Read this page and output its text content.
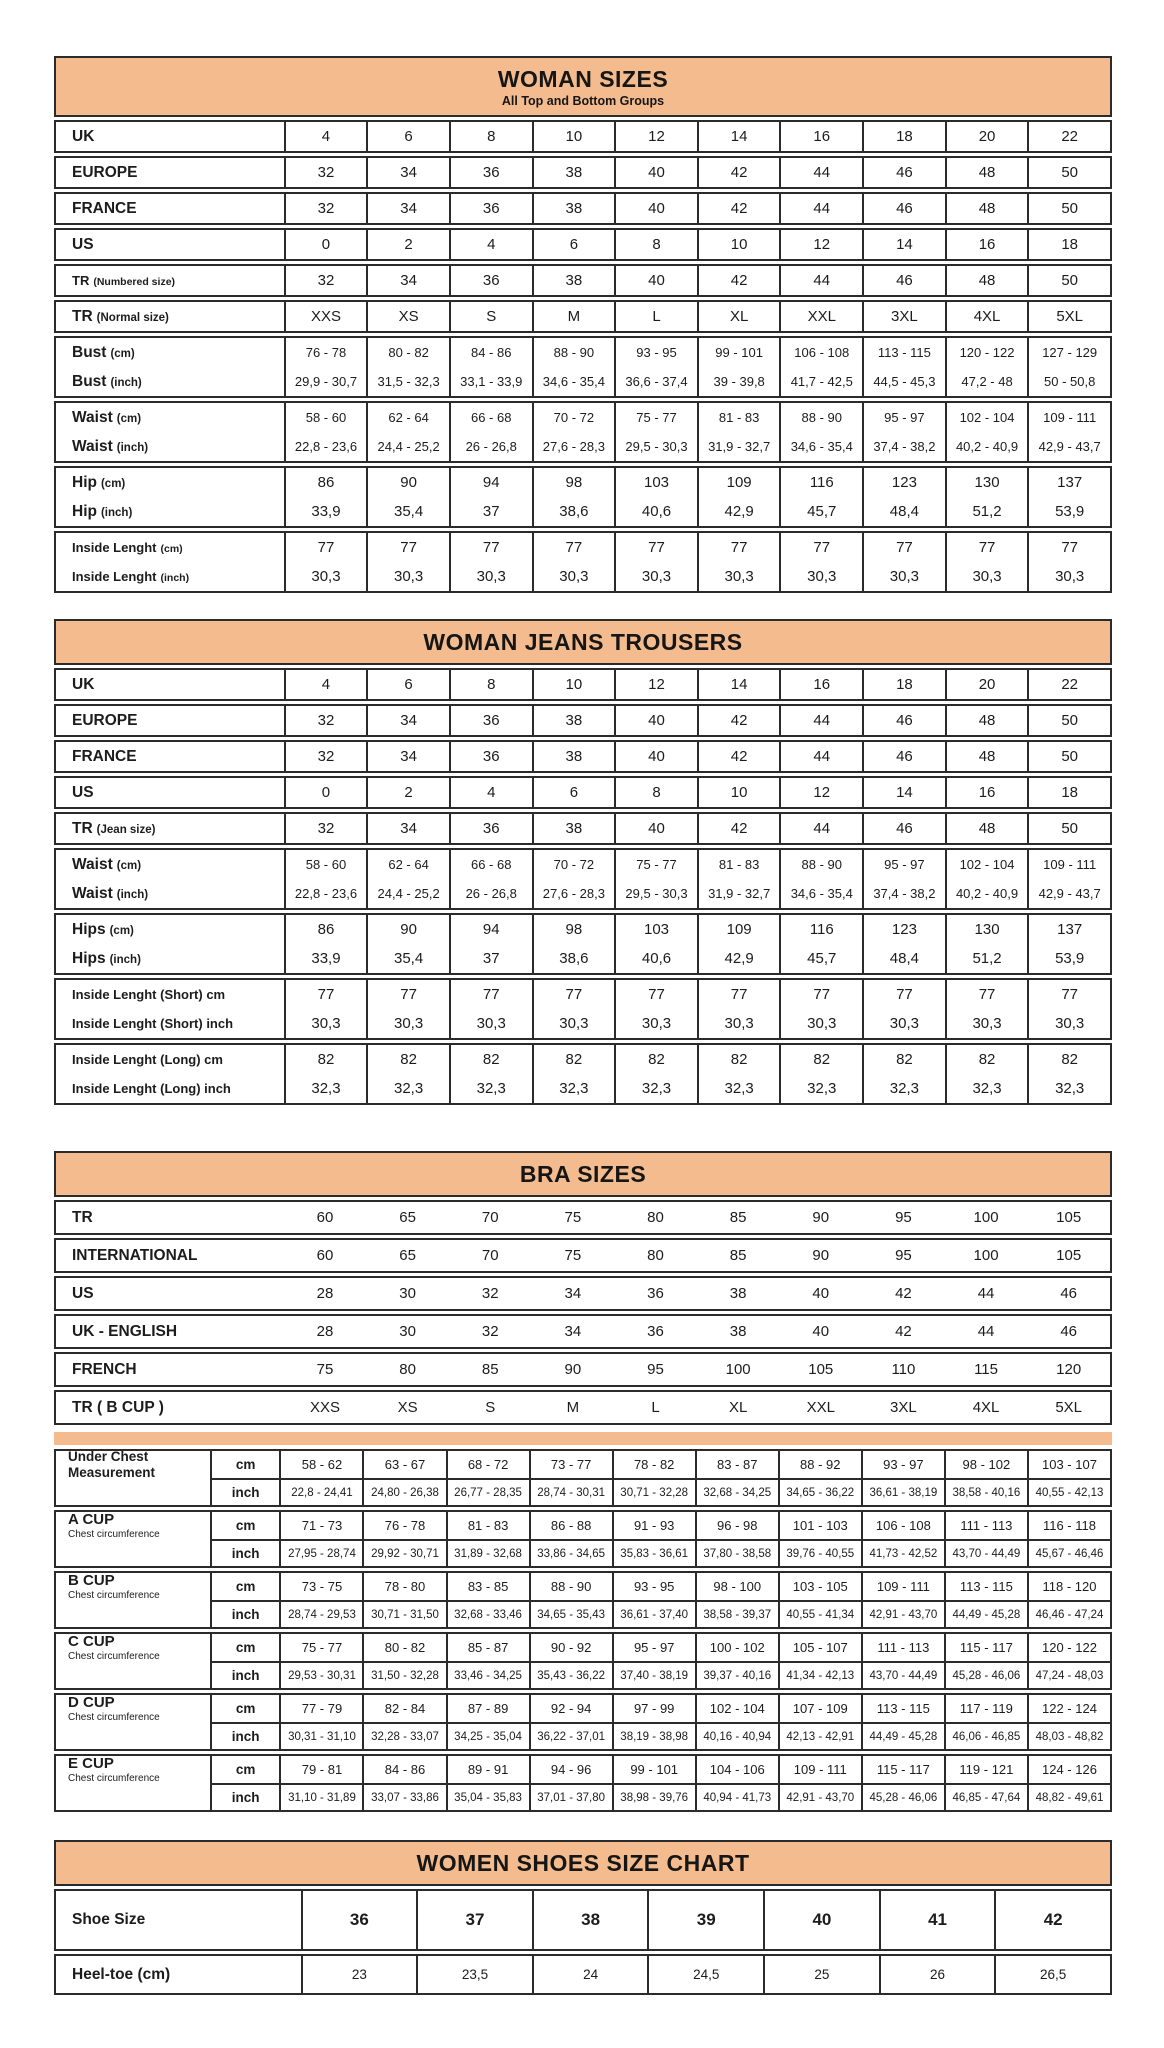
WOMAN SIZES
All Top and Bottom Groups
UK	4	6	8	10	12	14	16	18	20	22
EUROPE	32	34	36	38	40	42	44	46	48	50
FRANCE	32	34	36	38	40	42	44	46	48	50
US	0	2	4	6	8	10	12	14	16	18
TR (Numbered size)	32	34	36	38	40	42	44	46	48	50
TR (Normal size)	XXS	XS	S	M	L	XL	XXL	3XL	4XL	5XL
Bust (cm)	76 - 78	80 - 82	84 - 86	88 - 90	93 - 95	99 - 101	106 - 108	113 - 115	120 - 122	127 - 129
Bust (inch)	29,9 - 30,7	31,5 - 32,3	33,1 - 33,9	34,6 - 35,4	36,6 - 37,4	39 - 39,8	41,7 - 42,5	44,5 - 45,3	47,2 - 48	50 - 50,8
Waist (cm)	58 - 60	62 - 64	66 - 68	70 - 72	75 - 77	81 - 83	88 - 90	95 - 97	102 - 104	109 - 111
Waist (inch)	22,8 - 23,6	24,4 - 25,2	26 - 26,8	27,6 - 28,3	29,5 - 30,3	31,9 - 32,7	34,6 - 35,4	37,4 - 38,2	40,2 - 40,9	42,9 - 43,7
Hip (cm)	86	90	94	98	103	109	116	123	130	137
Hip (inch)	33,9	35,4	37	38,6	40,6	42,9	45,7	48,4	51,2	53,9
Inside Lenght (cm)	77	77	77	77	77	77	77	77	77	77
Inside Lenght (inch)	30,3	30,3	30,3	30,3	30,3	30,3	30,3	30,3	30,3	30,3
WOMAN JEANS TROUSERS
UK	4	6	8	10	12	14	16	18	20	22
EUROPE	32	34	36	38	40	42	44	46	48	50
FRANCE	32	34	36	38	40	42	44	46	48	50
US	0	2	4	6	8	10	12	14	16	18
TR (Jean size)	32	34	36	38	40	42	44	46	48	50
Waist (cm)	58 - 60	62 - 64	66 - 68	70 - 72	75 - 77	81 - 83	88 - 90	95 - 97	102 - 104	109 - 111
Waist (inch)	22,8 - 23,6	24,4 - 25,2	26 - 26,8	27,6 - 28,3	29,5 - 30,3	31,9 - 32,7	34,6 - 35,4	37,4 - 38,2	40,2 - 40,9	42,9 - 43,7
Hips (cm)	86	90	94	98	103	109	116	123	130	137
Hips (inch)	33,9	35,4	37	38,6	40,6	42,9	45,7	48,4	51,2	53,9
Inside Lenght (Short) cm	77	77	77	77	77	77	77	77	77	77
Inside Lenght (Short) inch	30,3	30,3	30,3	30,3	30,3	30,3	30,3	30,3	30,3	30,3
Inside Lenght (Long) cm	82	82	82	82	82	82	82	82	82	82
Inside Lenght (Long) inch	32,3	32,3	32,3	32,3	32,3	32,3	32,3	32,3	32,3	32,3
BRA SIZES
TR	60	65	70	75	80	85	90	95	100	105
INTERNATIONAL	60	65	70	75	80	85	90	95	100	105
US	28	30	32	34	36	38	40	42	44	46
UK - ENGLISH	28	30	32	34	36	38	40	42	44	46
FRENCH	75	80	85	90	95	100	105	110	115	120
TR ( B CUP )	XXS	XS	S	M	L	XL	XXL	3XL	4XL	5XL
Under Chest Measurement	cm	58 - 62	63 - 67	68 - 72	73 - 77	78 - 82	83 - 87	88 - 92	93 - 97	98 - 102	103 - 107
inch	22,8 - 24,41	24,80 - 26,38	26,77 - 28,35	28,74 - 30,31	30,71 - 32,28	32,68 - 34,25	34,65 - 36,22	36,61 - 38,19	38,58 - 40,16	40,55 - 42,13
A CUP
Chest circumference
cm	71 - 73	76 - 78	81 - 83	86 - 88	91 - 93	96 - 98	101 - 103	106 - 108	111 - 113	116 - 118
inch	27,95 - 28,74	29,92 - 30,71	31,89 - 32,68	33,86 - 34,65	35,83 - 36,61	37,80 - 38,58	39,76 - 40,55	41,73 - 42,52	43,70 - 44,49	45,67 - 46,46
B CUP
Chest circumference
cm	73 - 75	78 - 80	83 - 85	88 - 90	93 - 95	98 - 100	103 - 105	109 - 111	113 - 115	118 - 120
inch	28,74 - 29,53	30,71 - 31,50	32,68 - 33,46	34,65 - 35,43	36,61 - 37,40	38,58 - 39,37	40,55 - 41,34	42,91 - 43,70	44,49 - 45,28	46,46 - 47,24
C CUP
Chest circumference
cm	75 - 77	80 - 82	85 - 87	90 - 92	95 - 97	100 - 102	105 - 107	111 - 113	115 - 117	120 - 122
inch	29,53 - 30,31	31,50 - 32,28	33,46 - 34,25	35,43 - 36,22	37,40 - 38,19	39,37 - 40,16	41,34 - 42,13	43,70 - 44,49	45,28 - 46,06	47,24 - 48,03
D CUP
Chest circumference
cm	77 - 79	82 - 84	87 - 89	92 - 94	97 - 99	102 - 104	107 - 109	113 - 115	117 - 119	122 - 124
inch	30,31 - 31,10	32,28 - 33,07	34,25 - 35,04	36,22 - 37,01	38,19 - 38,98	40,16 - 40,94	42,13 - 42,91	44,49 - 45,28	46,06 - 46,85	48,03 - 48,82
E CUP
Chest circumference
cm	79 - 81	84 - 86	89 - 91	94 - 96	99 - 101	104 - 106	109 - 111	115 - 117	119 - 121	124 - 126
inch	31,10 - 31,89	33,07 - 33,86	35,04 - 35,83	37,01 - 37,80	38,98 - 39,76	40,94 - 41,73	42,91 - 43,70	45,28 - 46,06	46,85 - 47,64	48,82 - 49,61
WOMEN SHOES SIZE CHART
Shoe Size	36	37	38	39	40	41	42
Heel-toe (cm)	23	23,5	24	24,5	25	26	26,5
